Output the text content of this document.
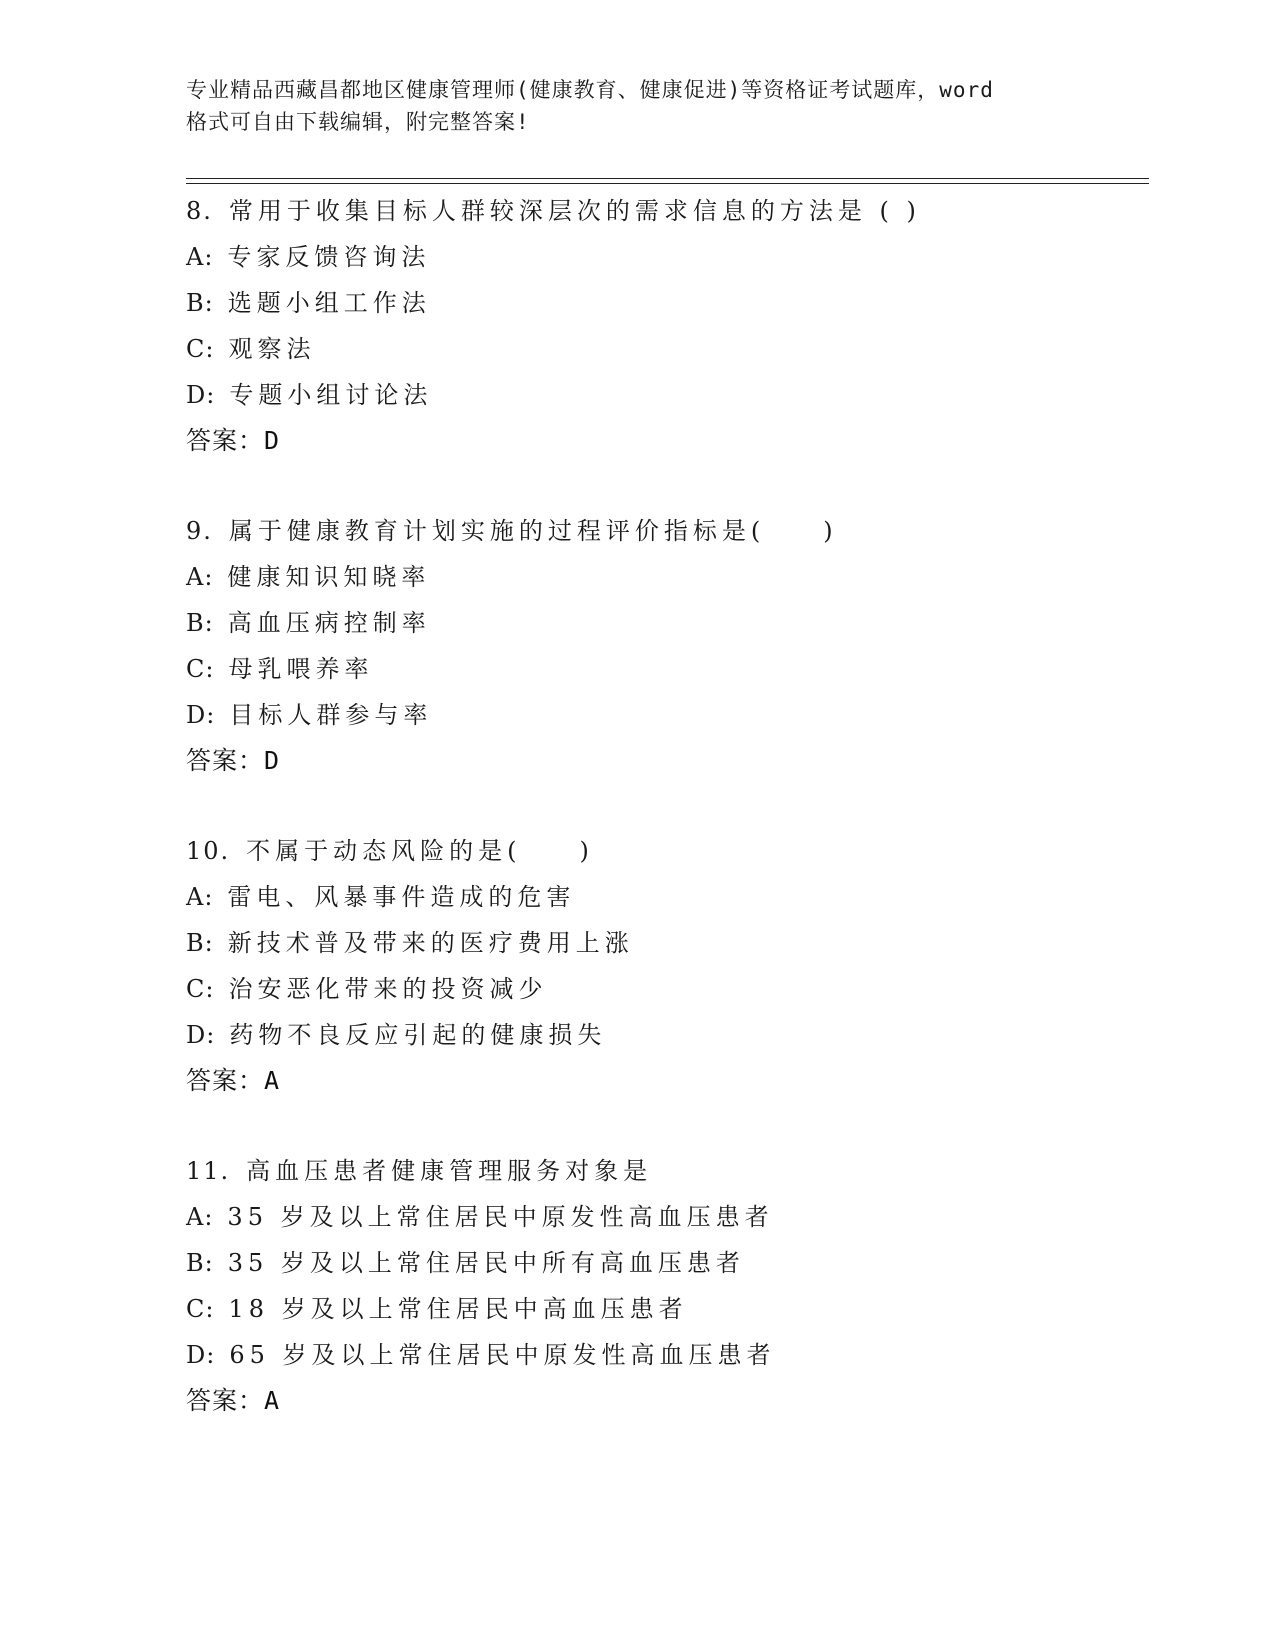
专业精品西藏昌都地区健康管理师(健康教育、健康促进)等资格证考试题库，word
格式可自由下载编辑，附完整答案!
8. 常用于收集目标人群较深层次的需求信息的方法是 ( )
A: 专家反馈咨询法
B: 选题小组工作法
C: 观察法
D: 专题小组讨论法
答案：D
9. 属于健康教育计划实施的过程评价指标是(　　)
A: 健康知识知晓率
B: 高血压病控制率
C: 母乳喂养率
D: 目标人群参与率
答案：D
10. 不属于动态风险的是(　　)
A: 雷电、风暴事件造成的危害
B: 新技术普及带来的医疗费用上涨
C: 治安恶化带来的投资减少
D: 药物不良反应引起的健康损失
答案：A
11. 高血压患者健康管理服务对象是
A: 35 岁及以上常住居民中原发性高血压患者
B: 35 岁及以上常住居民中所有高血压患者
C: 18 岁及以上常住居民中高血压患者
D: 65 岁及以上常住居民中原发性高血压患者
答案：A
